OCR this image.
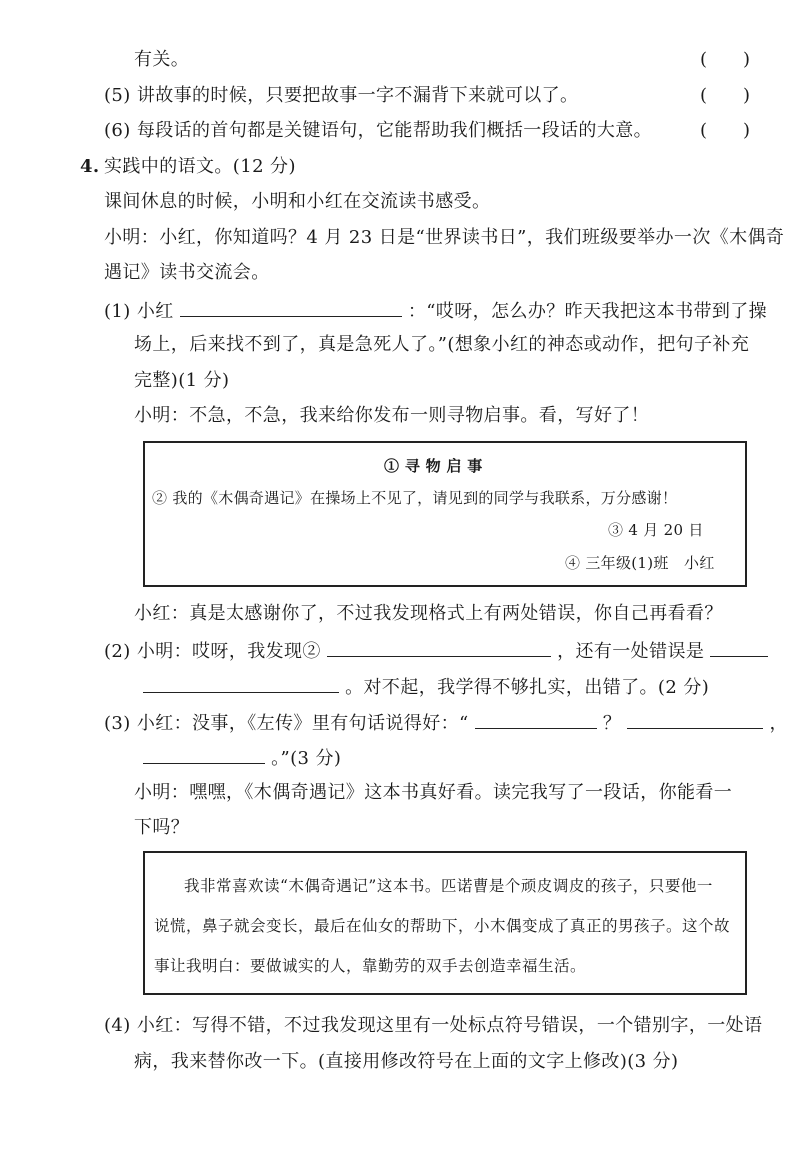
有关。	(　　)
(5) 讲故事的时候，只要把故事一字不漏背下来就可以了。	(　　)
(6) 每段话的首句都是关键语句，它能帮助我们概括一段话的大意。	(　　)
4. 实践中的语文。(12 分)
课间休息的时候，小明和小红在交流读书感受。
小明：小红，你知道吗？4 月 23 日是“世界读书日”，我们班级要举办一次《木偶奇
遇记》读书交流会。
(1) 小红	：“哎呀，怎么办？昨天我把这本书带到了操
场上，后来找不到了，真是急死人了。”(想象小红的神态或动作，把句子补充
完整)(1 分)
小明：不急，不急，我来给你发布一则寻物启事。看，写好了！
① 寻 物 启 事
② 我的《木偶奇遇记》在操场上不见了，请见到的同学与我联系，万分感谢！
③ 4 月 20 日
④ 三年级(1)班　小红
小红：真是太感谢你了，不过我发现格式上有两处错误，你自己再看看？
(2) 小明：哎呀，我发现②	，还有一处错误是
。对不起，我学得不够扎实，出错了。(2 分)
(3) 小红：没事，《左传》里有句话说得好：“	？	，
。”(3 分)
小明：嘿嘿，《木偶奇遇记》这本书真好看。读完我写了一段话，你能看一
下吗？
我非常喜欢读“木偶奇遇记”这本书。匹诺曹是个顽皮调皮的孩子，只要他一
说慌，鼻子就会变长，最后在仙女的帮助下，小木偶变成了真正的男孩子。这个故
事让我明白：要做诚实的人，靠勤劳的双手去创造幸福生活。
(4) 小红：写得不错，不过我发现这里有一处标点符号错误，一个错别字，一处语
病，我来替你改一下。(直接用修改符号在上面的文字上修改)(3 分)
